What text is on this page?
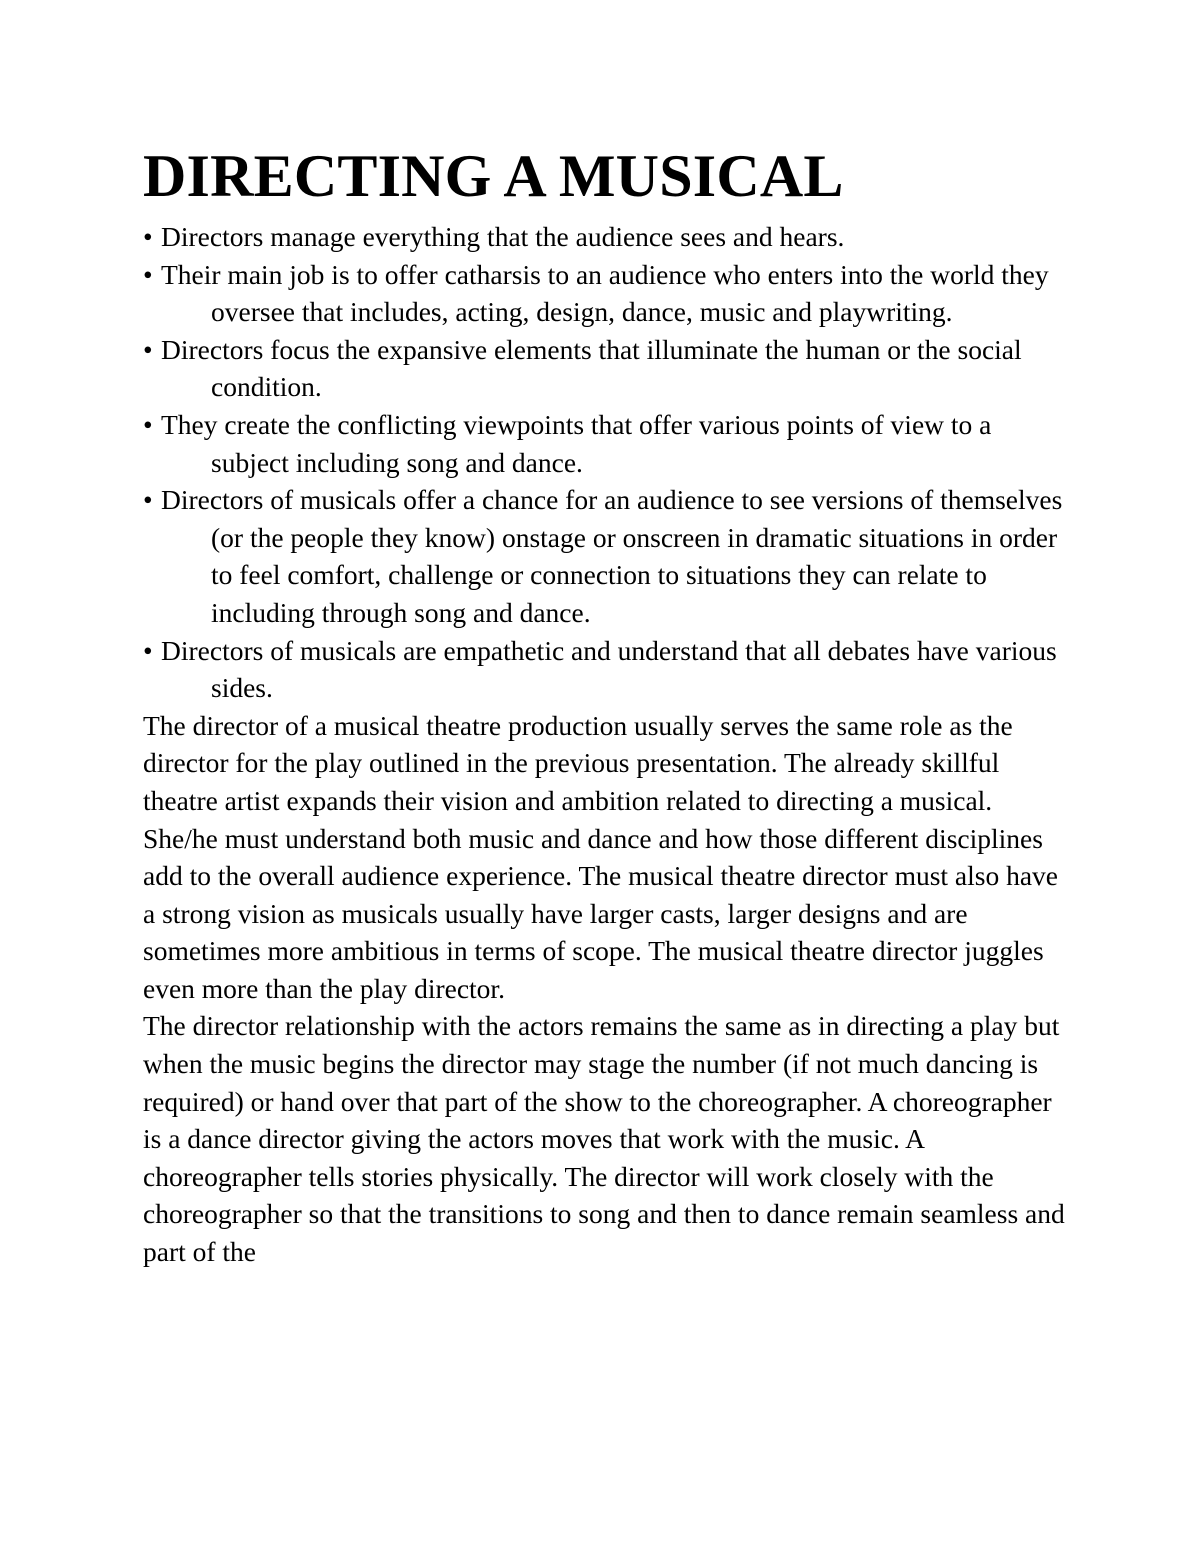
DIRECTING A MUSICAL
• Directors manage everything that the audience sees and hears.
• Their main job is to offer catharsis to an audience who enters into the world they oversee that includes, acting, design, dance, music and playwriting.
• Directors focus the expansive elements that illuminate the human or the social condition.
• They create the conflicting viewpoints that offer various points of view to a subject including song and dance.
• Directors of musicals offer a chance for an audience to see versions of themselves (or the people they know) onstage or onscreen in dramatic situations in order to feel comfort, challenge or connection to situations they can relate to including through song and dance.
• Directors of musicals are empathetic and understand that all debates have various sides.

The director of a musical theatre production usually serves the same role as the director for the play outlined in the previous presentation. The already skillful theatre artist expands their vision and ambition related to directing a musical. She/he must understand both music and dance and how those different disciplines add to the overall audience experience. The musical theatre director must also have a strong vision as musicals usually have larger casts, larger designs and are sometimes more ambitious in terms of scope. The musical theatre director juggles even more than the play director.

The director relationship with the actors remains the same as in directing a play but when the music begins the director may stage the number (if not much dancing is required) or hand over that part of the show to the choreographer. A choreographer is a dance director giving the actors moves that work with the music. A choreographer tells stories physically. The director will work closely with the choreographer so that the transitions to song and then to dance remain seamless and part of the
